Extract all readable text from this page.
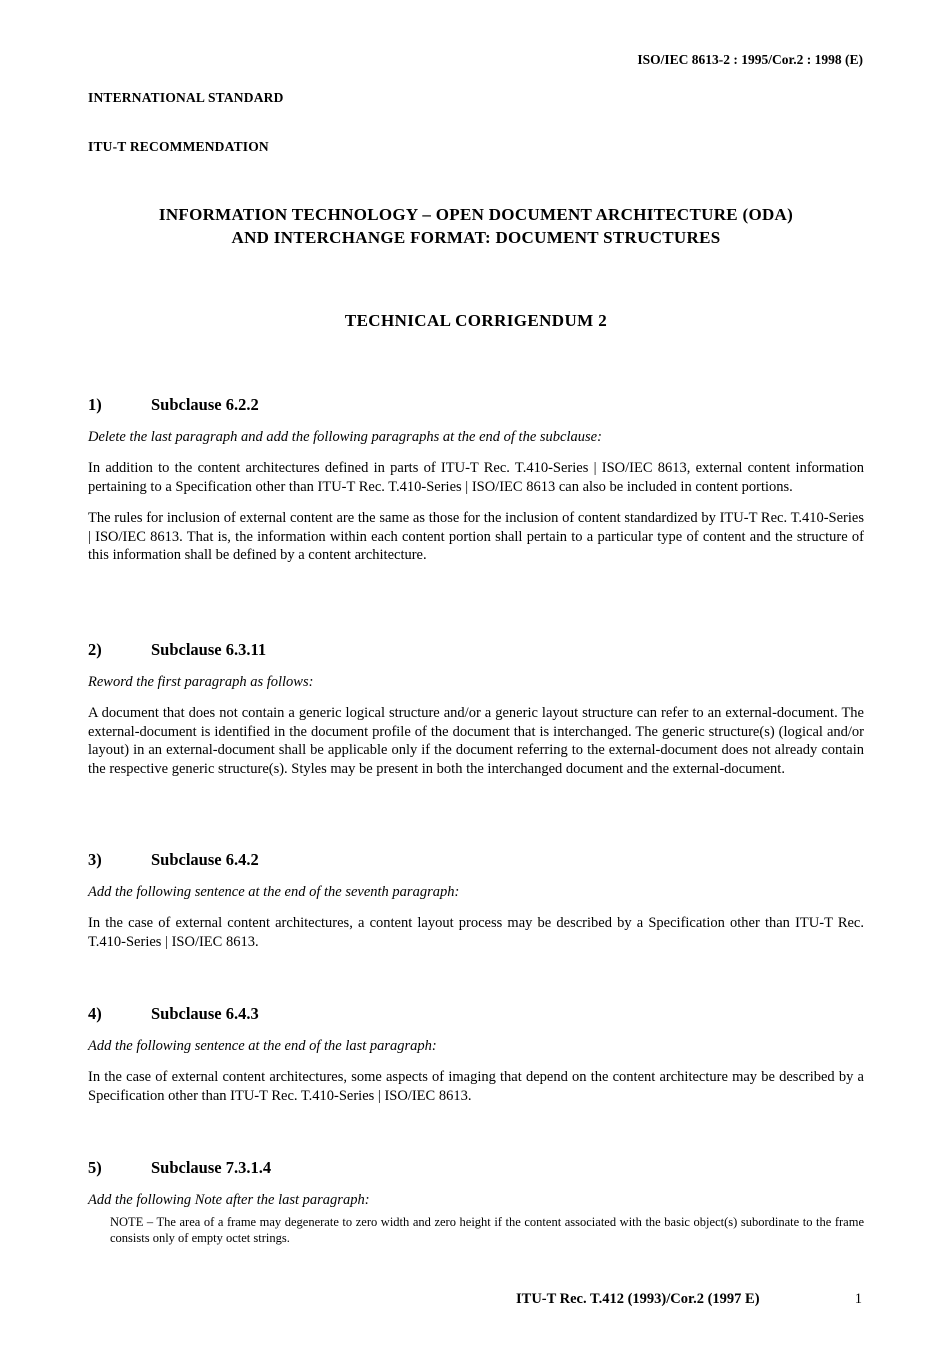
ISO/IEC 8613-2 : 1995/Cor.2 : 1998 (E)
INTERNATIONAL STANDARD
ITU-T RECOMMENDATION
INFORMATION TECHNOLOGY – OPEN DOCUMENT ARCHITECTURE (ODA)
AND INTERCHANGE FORMAT: DOCUMENT STRUCTURES
TECHNICAL CORRIGENDUM 2
1)	Subclause 6.2.2
Delete the last paragraph and add the following paragraphs at the end of the subclause:
In addition to the content architectures defined in parts of ITU-T Rec. T.410-Series | ISO/IEC 8613, external content information pertaining to a Specification other than ITU-T Rec. T.410-Series | ISO/IEC 8613 can also be included in content portions.
The rules for inclusion of external content are the same as those for the inclusion of content standardized by ITU-T Rec. T.410-Series | ISO/IEC 8613. That is, the information within each content portion shall pertain to a particular type of content and the structure of this information shall be defined by a content architecture.
2)	Subclause 6.3.11
Reword the first paragraph as follows:
A document that does not contain a generic logical structure and/or a generic layout structure can refer to an external-document. The external-document is identified in the document profile of the document that is interchanged. The generic structure(s) (logical and/or layout) in an external-document shall be applicable only if the document referring to the external-document does not already contain the respective generic structure(s). Styles may be present in both the interchanged document and the external-document.
3)	Subclause 6.4.2
Add the following sentence at the end of the seventh paragraph:
In the case of external content architectures, a content layout process may be described by a Specification other than ITU-T Rec. T.410-Series | ISO/IEC 8613.
4)	Subclause 6.4.3
Add the following sentence at the end of the last paragraph:
In the case of external content architectures, some aspects of imaging that depend on the content architecture may be described by a Specification other than ITU-T Rec. T.410-Series | ISO/IEC 8613.
5)	Subclause 7.3.1.4
Add the following Note after the last paragraph:
NOTE – The area of a frame may degenerate to zero width and zero height if the content associated with the basic object(s) subordinate to the frame consists only of empty octet strings.
ITU-T Rec. T.412 (1993)/Cor.2 (1997 E)	1
